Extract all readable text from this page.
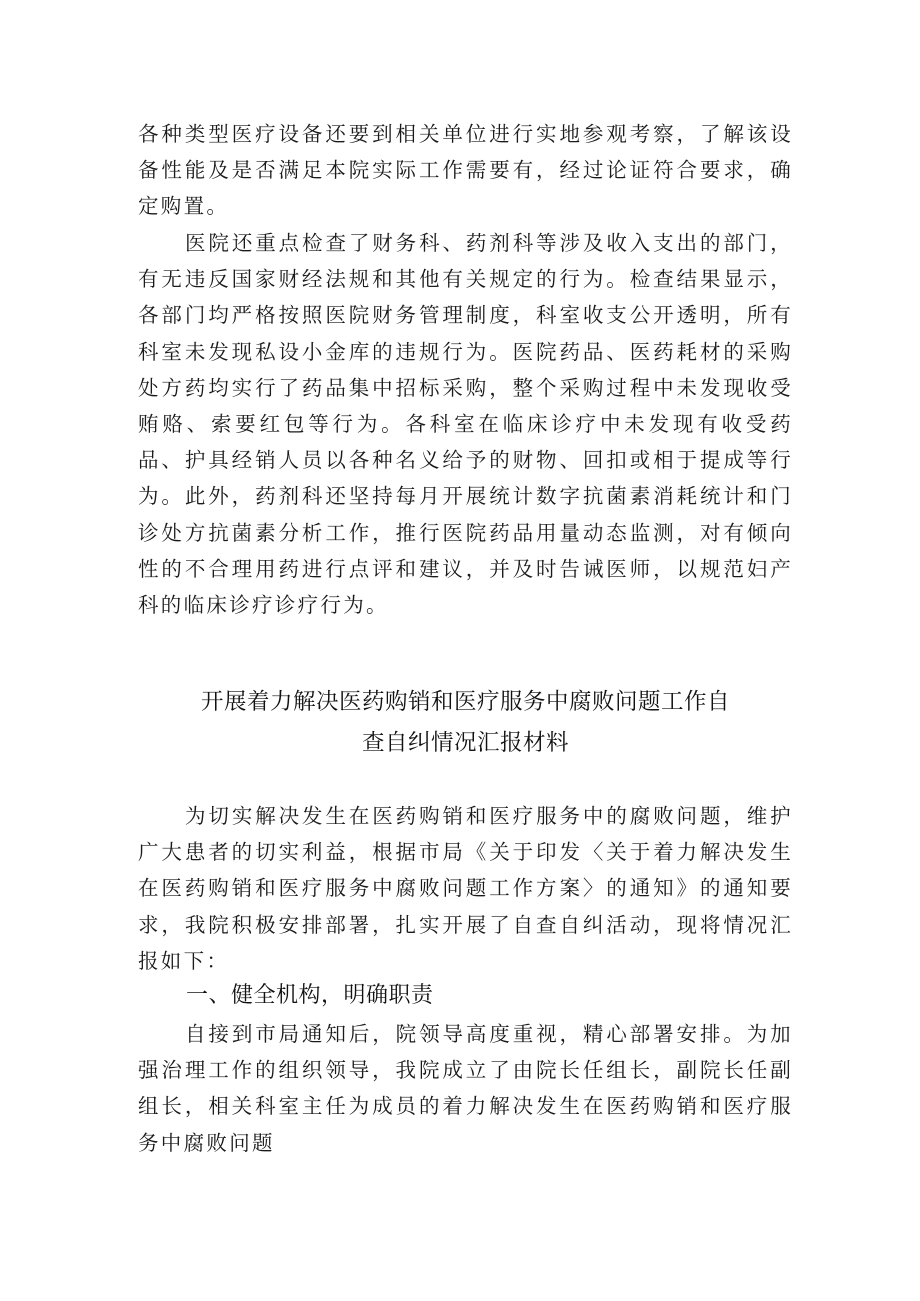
各种类型医疗设备还要到相关单位进行实地参观考察，了解该设备性能及是否满足本院实际工作需要有，经过论证符合要求，确定购置。

医院还重点检查了财务科、药剂科等涉及收入支出的部门，有无违反国家财经法规和其他有关规定的行为。检查结果显示，各部门均严格按照医院财务管理制度，科室收支公开透明，所有科室未发现私设小金库的违规行为。医院药品、医药耗材的采购处方药均实行了药品集中招标采购，整个采购过程中未发现收受贿赂、索要红包等行为。各科室在临床诊疗中未发现有收受药品、护具经销人员以各种名义给予的财物、回扣或相于提成等行为。此外，药剂科还坚持每月开展统计数字抗菌素消耗统计和门诊处方抗菌素分析工作，推行医院药品用量动态监测，对有倾向性的不合理用药进行点评和建议，并及时告诫医师，以规范妇产科的临床诊疗诊疗行为。

开展着力解决医药购销和医疗服务中腐败问题工作自
查自纠情况汇报材料

为切实解决发生在医药购销和医疗服务中的腐败问题，维护广大患者的切实利益，根据市局《关于印发〈关于着力解决发生在医药购销和医疗服务中腐败问题工作方案〉的通知》的通知要求，我院积极安排部署，扎实开展了自查自纠活动，现将情况汇报如下：

一、健全机构，明确职责

自接到市局通知后，院领导高度重视，精心部署安排。为加强治理工作的组织领导，我院成立了由院长任组长，副院长任副组长，相关科室主任为成员的着力解决发生在医药购销和医疗服务中腐败问题
